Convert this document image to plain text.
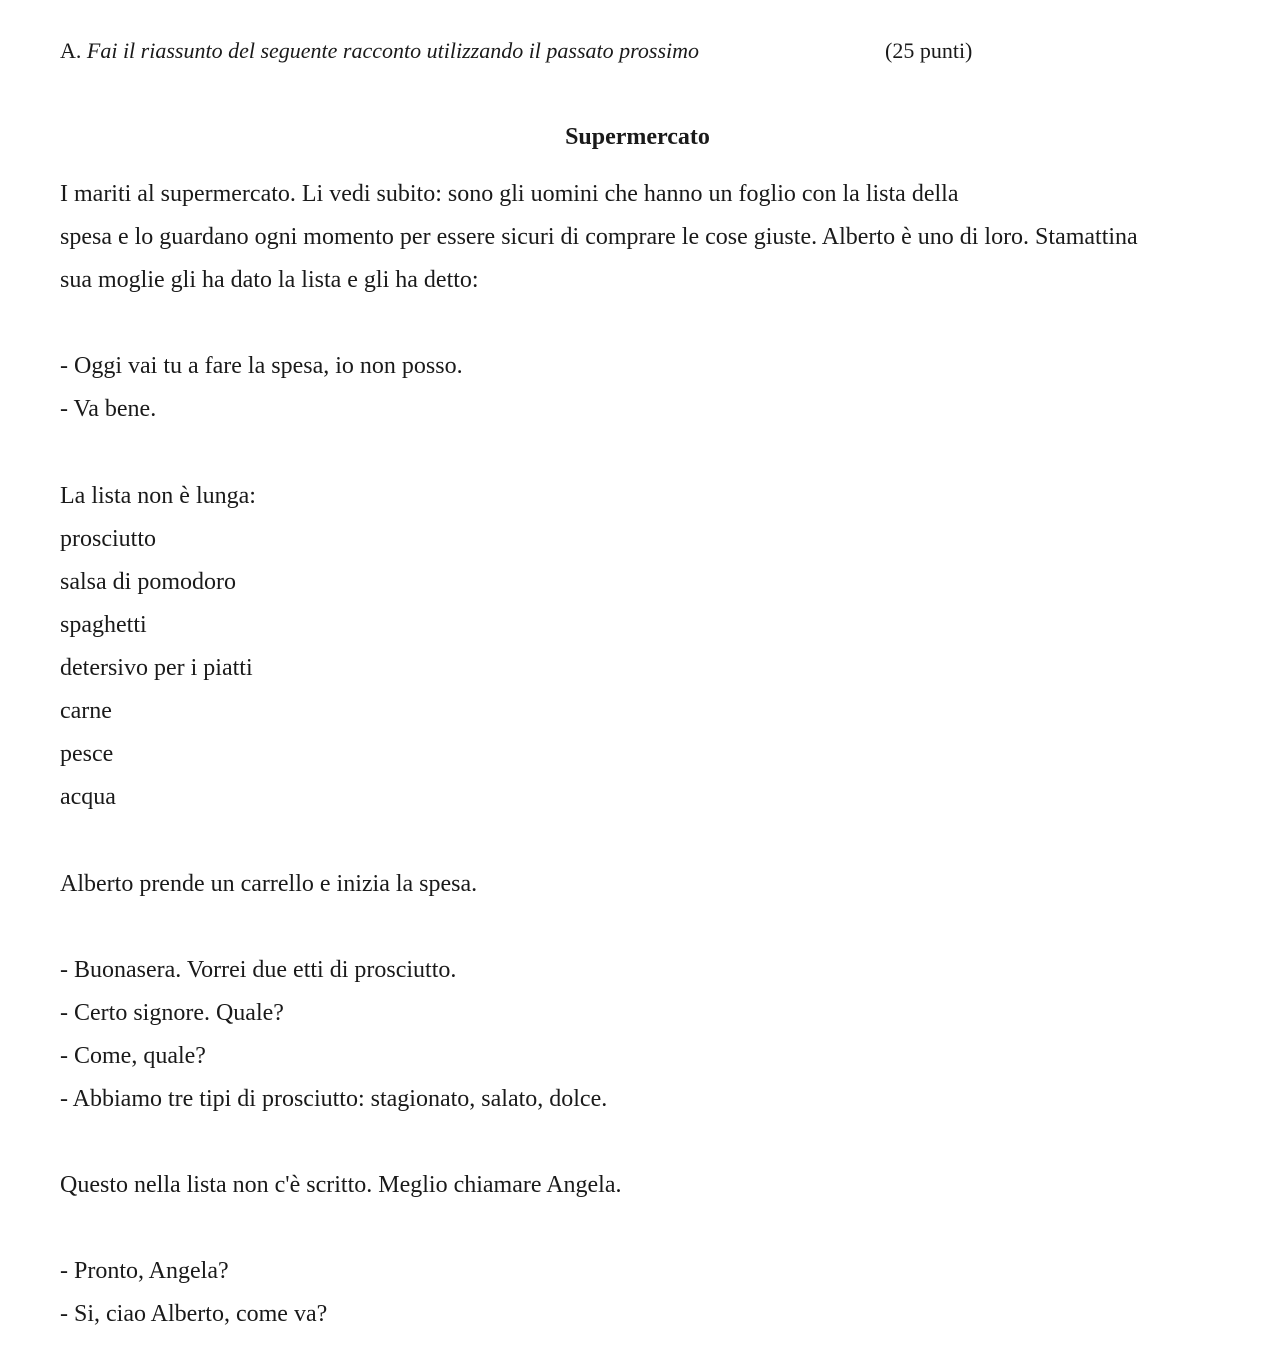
A. Fai il riassunto del seguente racconto utilizzando il passato prossimo	(25 punti)
Supermercato
I mariti al supermercato. Li vedi subito: sono gli uomini che hanno un foglio con la lista della
spesa e lo guardano ogni momento per essere sicuri di comprare le cose giuste. Alberto è uno di loro. Stamattina
sua moglie gli ha dato la lista e gli ha detto:
- Oggi vai tu a fare la spesa, io non posso.
- Va bene.
La lista non è lunga:
prosciutto
salsa di pomodoro
spaghetti
detersivo per i piatti
carne
pesce
acqua
Alberto prende un carrello e inizia la spesa.
- Buonasera. Vorrei due etti di prosciutto.
- Certo signore. Quale?
- Come, quale?
- Abbiamo tre tipi di prosciutto: stagionato, salato, dolce.
Questo nella lista non c'è scritto. Meglio chiamare Angela.
- Pronto, Angela?
- Si, ciao Alberto, come va?
